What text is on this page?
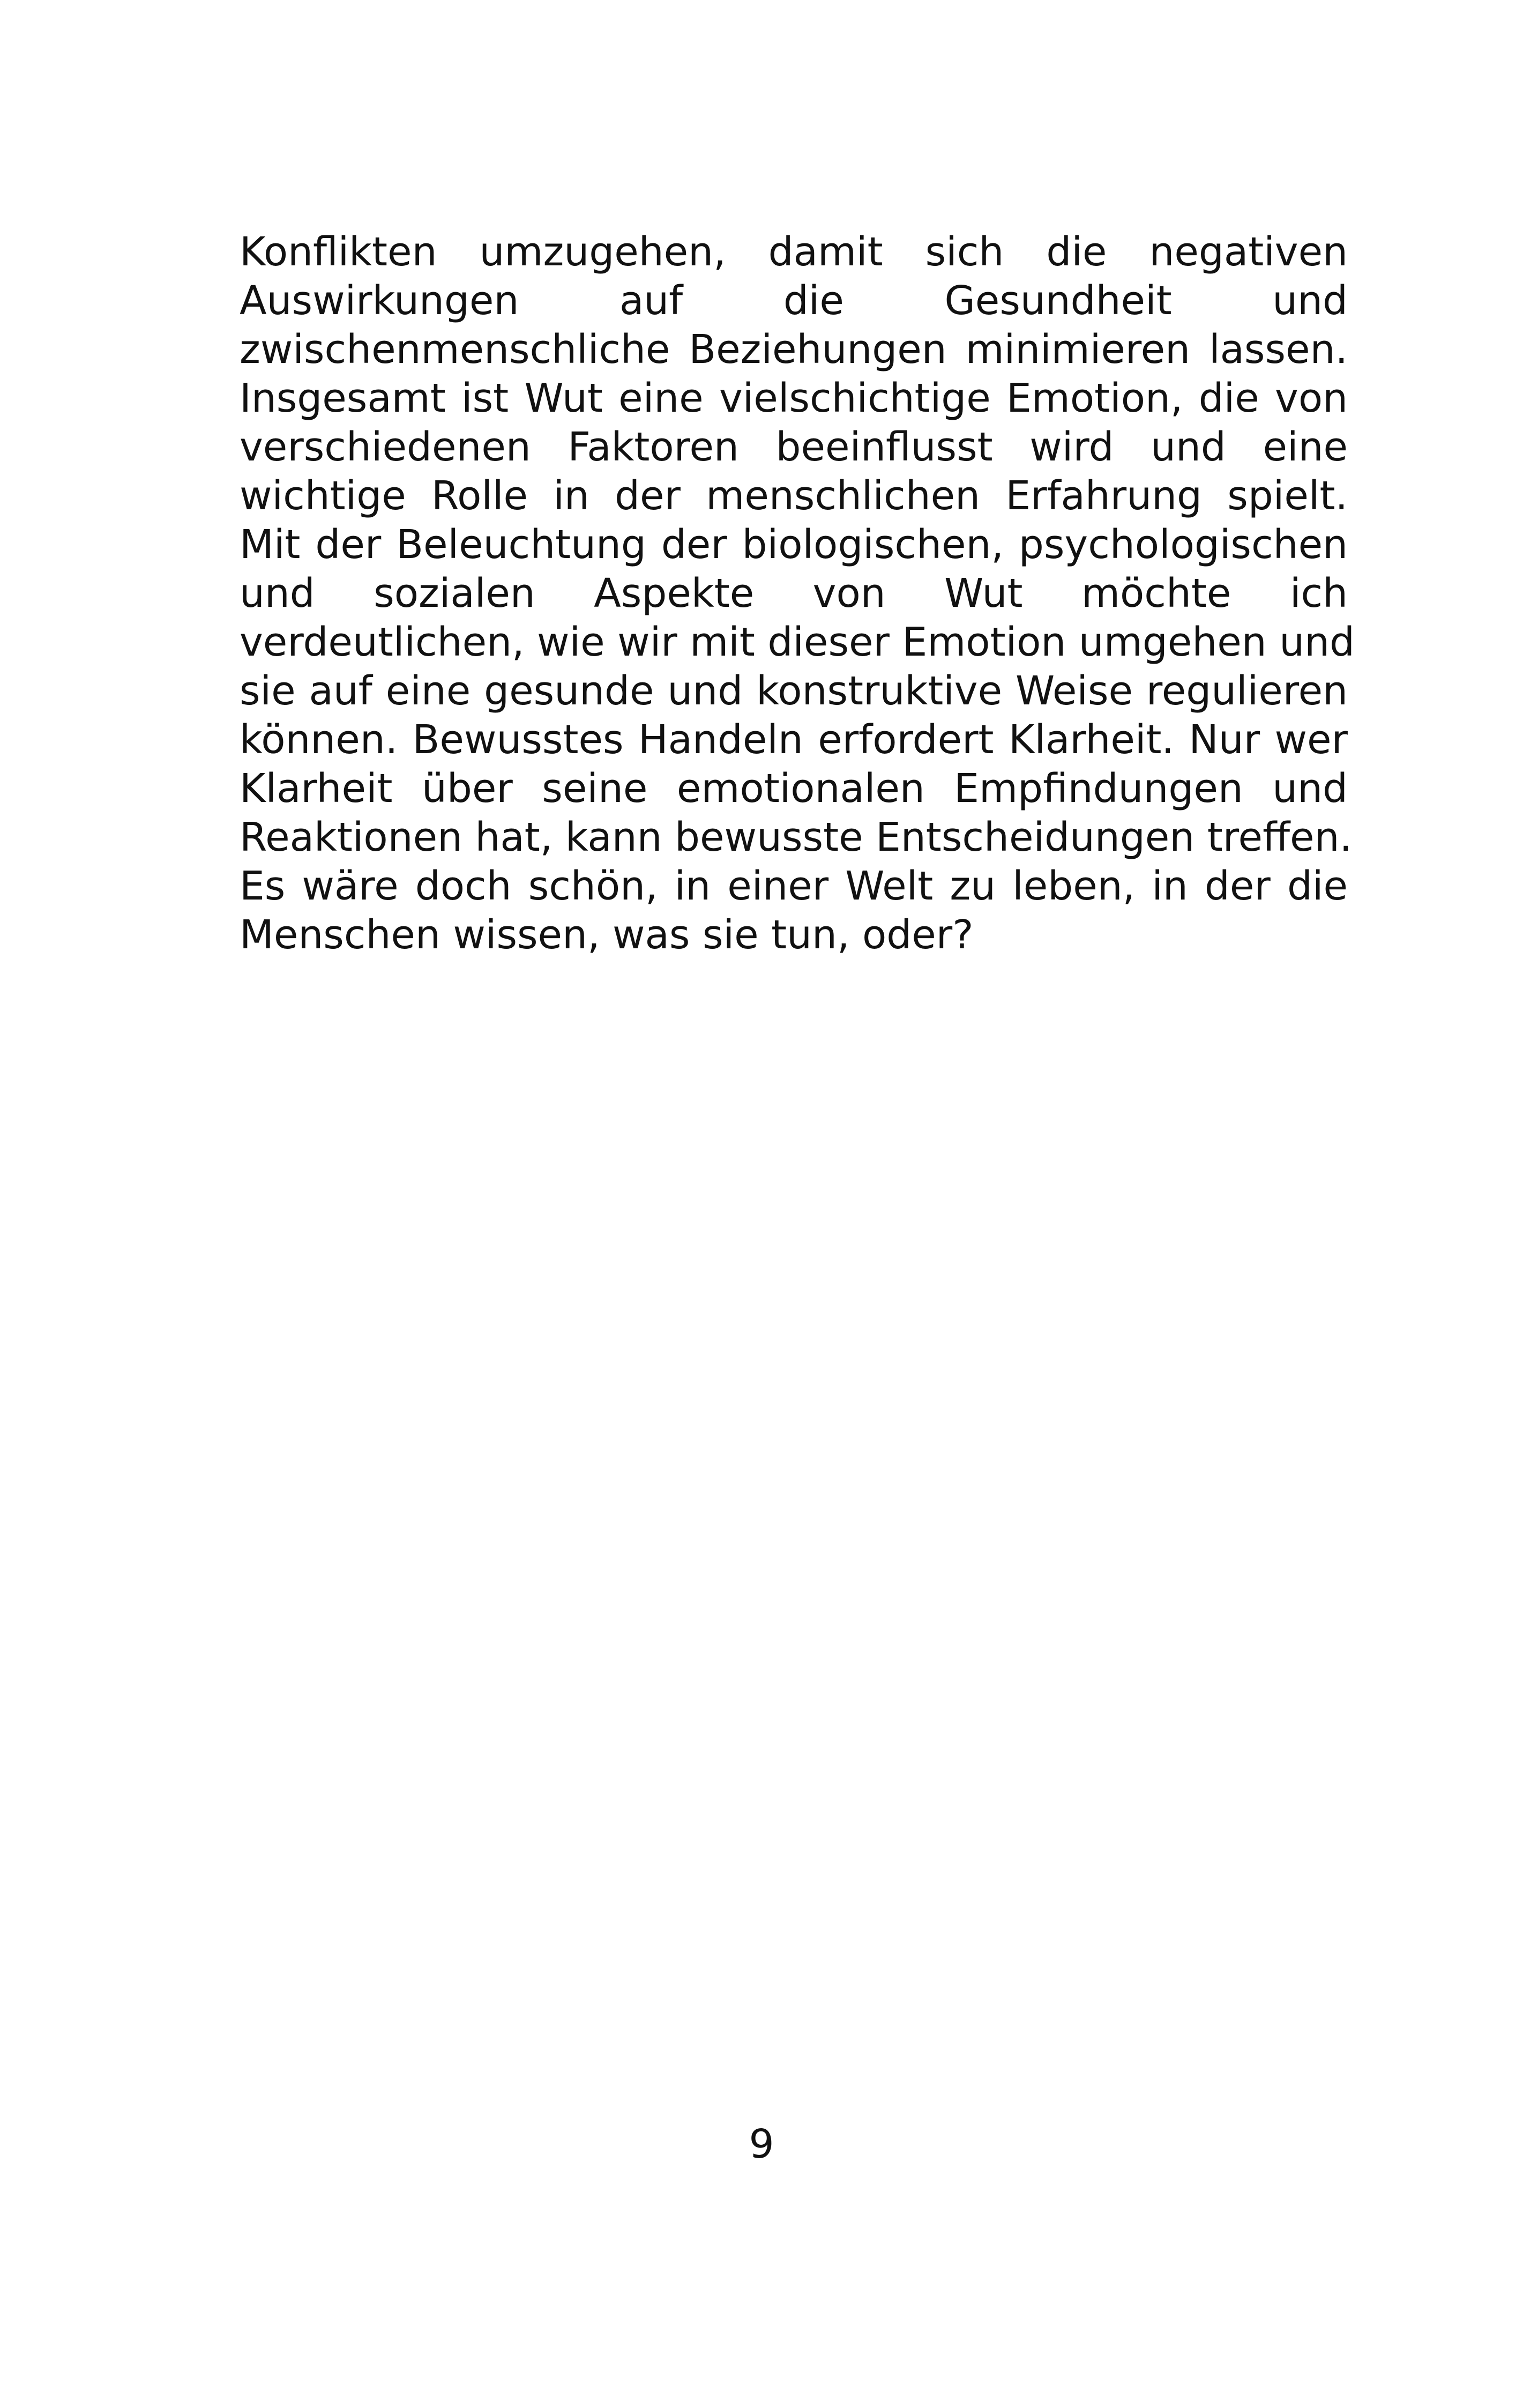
Konflikten umzugehen, damit sich die negativen
Auswirkungen auf die Gesundheit und
zwischenmenschliche Beziehungen minimieren lassen.
Insgesamt ist Wut eine vielschichtige Emotion, die von
verschiedenen Faktoren beeinflusst wird und eine
wichtige Rolle in der menschlichen Erfahrung spielt.
Mit der Beleuchtung der biologischen, psychologischen
und sozialen Aspekte von Wut möchte ich
verdeutlichen, wie wir mit dieser Emotion umgehen und
sie auf eine gesunde und konstruktive Weise regulieren
können. Bewusstes Handeln erfordert Klarheit. Nur wer
Klarheit über seine emotionalen Empfindungen und
Reaktionen hat, kann bewusste Entscheidungen treffen.
Es wäre doch schön, in einer Welt zu leben, in der die
Menschen wissen, was sie tun, oder?
9
